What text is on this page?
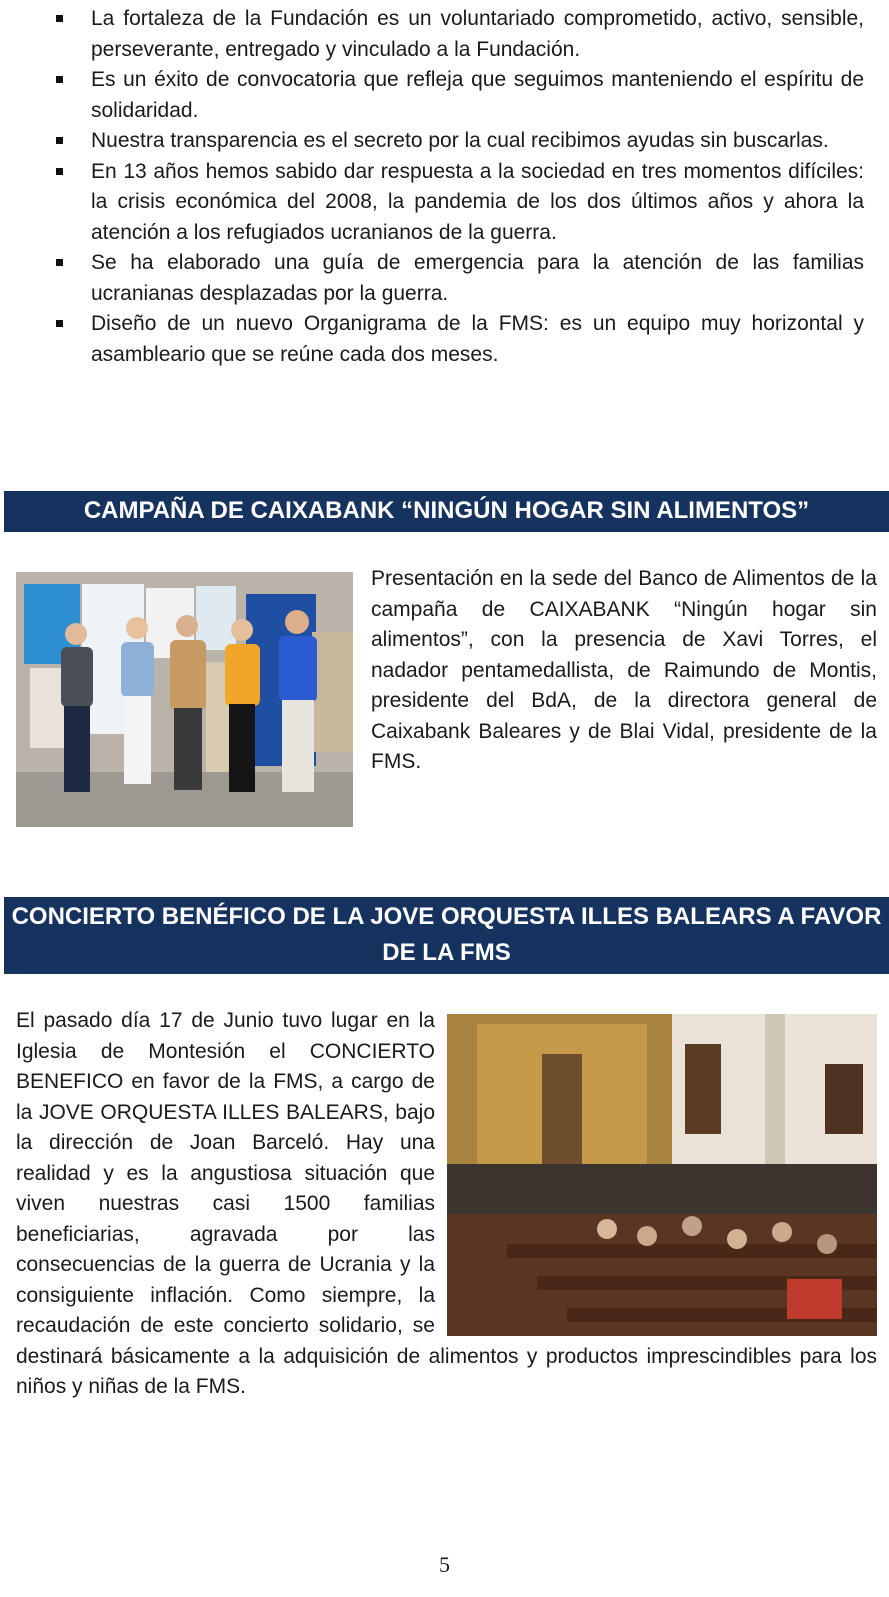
La fortaleza de la Fundación es un voluntariado comprometido, activo, sensible, perseverante, entregado y vinculado a la Fundación.
Es un éxito de convocatoria que refleja que seguimos manteniendo el espíritu de solidaridad.
Nuestra transparencia es el secreto por la cual recibimos ayudas sin buscarlas.
En 13 años hemos sabido dar respuesta a la sociedad en tres momentos difíciles: la crisis económica del 2008, la pandemia de los dos últimos años y ahora la atención a los refugiados ucranianos de la guerra.
Se ha elaborado una guía de emergencia para la atención de las familias ucranianas desplazadas por la guerra.
Diseño de un nuevo Organigrama de la FMS: es un equipo muy horizontal y asambleario que se reúne cada dos meses.
CAMPAÑA DE CAIXABANK “NINGÚN HOGAR SIN ALIMENTOS”

Presentación en la sede del Banco de Alimentos de la campaña de CAIXABANK “Ningún hogar sin alimentos”, con la presencia de Xavi Torres, el nadador pentamedallista, de Raimundo de Montis, presidente del BdA, de la directora general de Caixabank Baleares y de Blai Vidal, presidente de la FMS.

CONCIERTO BENÉFICO DE LA JOVE ORQUESTA ILLES BALEARS A FAVOR DE LA FMS
El pasado día 17 de Junio tuvo lugar en la Iglesia de Montesión el CONCIERTO BENEFICO en favor de la FMS, a cargo de la JOVE ORQUESTA ILLES BALEARS, bajo la dirección de Joan Barceló. Hay una realidad y es la angustiosa situación que viven nuestras casi 1500 familias beneficiarias, agravada por las consecuencias de la guerra de Ucrania y la consiguiente inflación. Como siempre, la recaudación de este concierto solidario, se destinará básicamente a la adquisición de alimentos y productos imprescindibles para los niños y niñas de la FMS.
5
